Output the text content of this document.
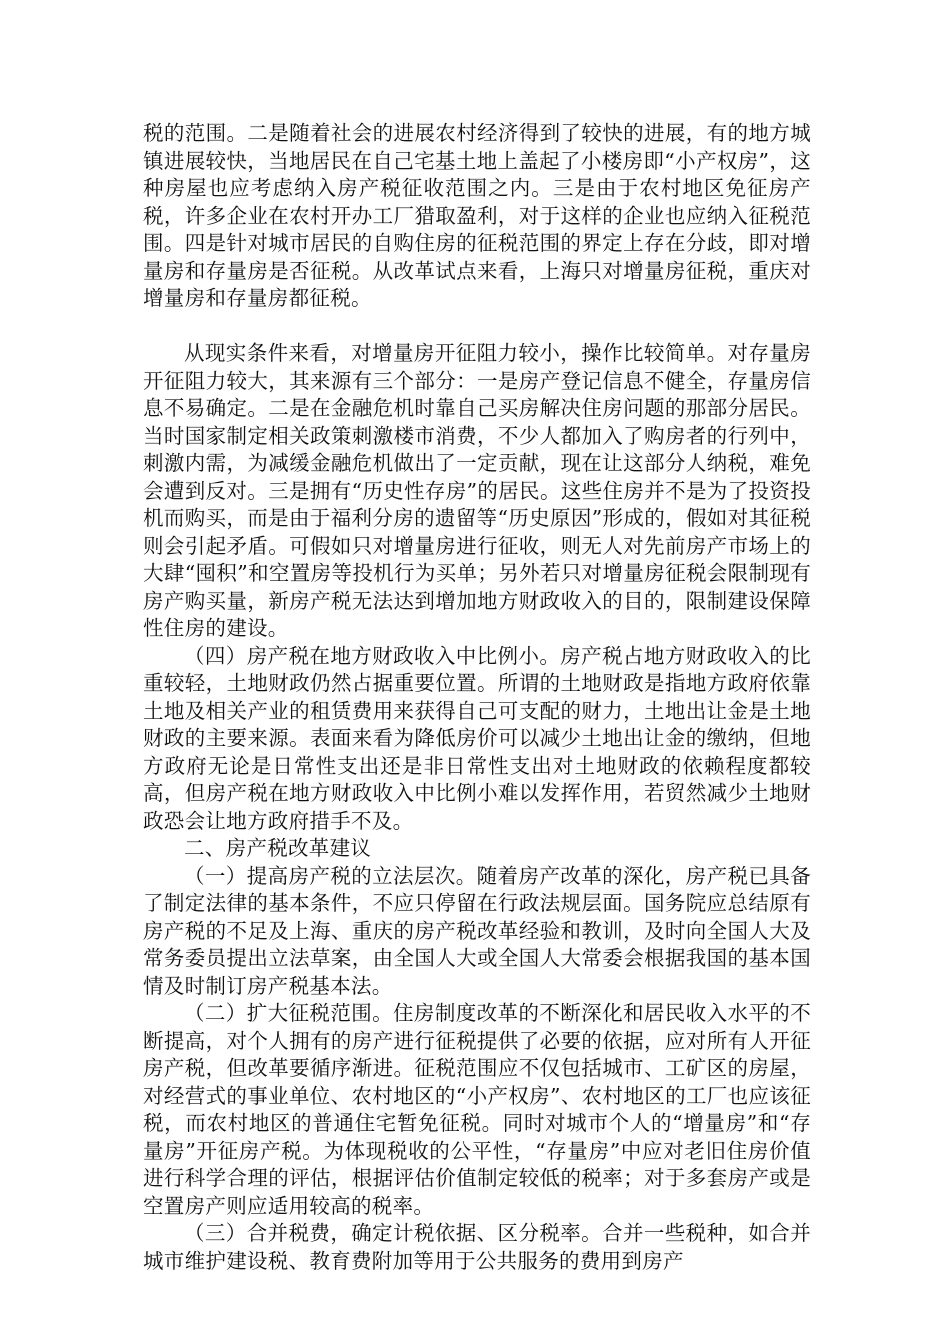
税的范围。二是随着社会的进展农村经济得到了较快的进展，有的地方城镇进展较快，当地居民在自己宅基土地上盖起了小楼房即“小产权房”，这种房屋也应考虑纳入房产税征收范围之内。三是由于农村地区免征房产税，许多企业在农村开办工厂猎取盈利，对于这样的企业也应纳入征税范围。四是针对城市居民的自购住房的征税范围的界定上存在分歧，即对增量房和存量房是否征税。从改革试点来看，上海只对增量房征税，重庆对增量房和存量房都征税。

从现实条件来看，对增量房开征阻力较小，操作比较简单。对存量房开征阻力较大，其来源有三个部分：一是房产登记信息不健全，存量房信息不易确定。二是在金融危机时靠自己买房解决住房问题的那部分居民。当时国家制定相关政策刺激楼市消费，不少人都加入了购房者的行列中，刺激内需，为减缓金融危机做出了一定贡献，现在让这部分人纳税，难免会遭到反对。三是拥有“历史性存房”的居民。这些住房并不是为了投资投机而购买，而是由于福利分房的遗留等“历史原因”形成的，假如对其征税则会引起矛盾。可假如只对增量房进行征收，则无人对先前房产市场上的大肆“囤积”和空置房等投机行为买单；另外若只对增量房征税会限制现有房产购买量，新房产税无法达到增加地方财政收入的目的，限制建设保障性住房的建设。

（四）房产税在地方财政收入中比例小。房产税占地方财政收入的比重较轻，土地财政仍然占据重要位置。所谓的土地财政是指地方政府依靠土地及相关产业的租赁费用来获得自己可支配的财力，土地出让金是土地财政的主要来源。表面来看为降低房价可以减少土地出让金的缴纳，但地方政府无论是日常性支出还是非日常性支出对土地财政的依赖程度都较高，但房产税在地方财政收入中比例小难以发挥作用，若贸然减少土地财政恐会让地方政府措手不及。

二、房产税改革建议

（一）提高房产税的立法层次。随着房产改革的深化，房产税已具备了制定法律的基本条件，不应只停留在行政法规层面。国务院应总结原有房产税的不足及上海、重庆的房产税改革经验和教训，及时向全国人大及常务委员提出立法草案，由全国人大或全国人大常委会根据我国的基本国情及时制订房产税基本法。

（二）扩大征税范围。住房制度改革的不断深化和居民收入水平的不断提高，对个人拥有的房产进行征税提供了必要的依据，应对所有人开征房产税，但改革要循序渐进。征税范围应不仅包括城市、工矿区的房屋，对经营式的事业单位、农村地区的“小产权房”、农村地区的工厂也应该征税，而农村地区的普通住宅暂免征税。同时对城市个人的“增量房”和“存量房”开征房产税。为体现税收的公平性，“存量房”中应对老旧住房价值进行科学合理的评估，根据评估价值制定较低的税率；对于多套房产或是空置房产则应适用较高的税率。

（三）合并税费，确定计税依据、区分税率。合并一些税种，如合并城市维护建设税、教育费附加等用于公共服务的费用到房产
